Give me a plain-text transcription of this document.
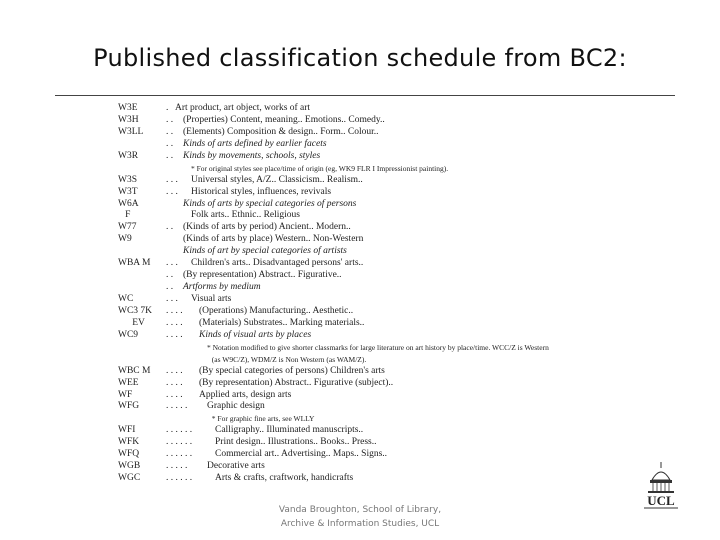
Published classification schedule from BC2:
W3E	. Art product, art object, works of art
W3H	. . (Properties) Content, meaning.. Emotions.. Comedy..
W3LL . . (Elements) Composition & design.. Form.. Colour..
. . Kinds of arts defined by earlier facets
W3R	. . Kinds by movements, schools, styles
* For original styles see place/time of origin (eg, WK9 FLR I Impressionist painting).
W3S	. . . Universal styles, A/Z.. Classicism.. Realism..
W3T	. . . Historical styles, influences, revivals
W6A	Kinds of arts by special categories of persons
F	Folk arts.. Ethnic.. Religious
W77	. . (Kinds of arts by period) Ancient.. Modern..
W9	(Kinds of arts by place) Western.. Non-Western
Kinds of art by special categories of artists
WBA M . . . Children's arts.. Disadvantaged persons' arts..
. . (By representation) Abstract.. Figurative..
. . Artforms by medium
WC	. . . Visual arts
WC3 7K . . . . (Operations) Manufacturing.. Aesthetic..
EV . . . . (Materials) Substrates.. Marking materials..
WC9	. . . . Kinds of visual arts by places
* Notation modified to give shorter classmarks for large literature on art history by place/time. WCC/Z is Western
(as W9C/Z), WDM/Z is Non Western (as WAM/Z).
WBC M . . . . (By special categories of persons) Children's arts
WEE	. . . . (By representation) Abstract.. Figurative (subject)..
WF	. . . . Applied arts, design arts
WFG	. . . . . Graphic design
* For graphic fine arts, see WLLY
WFI	. . . . . . Calligraphy.. Illuminated manuscripts..
WFK	. . . . . . Print design.. Illustrations.. Books.. Press..
WFQ	. . . . . . Commercial art.. Advertising.. Maps.. Signs..
WGB	. . . . . Decorative arts
WGC	. . . . . . Arts & crafts, craftwork, handicrafts
Vanda Broughton, School of Library,
Archive & Information Studies, UCL
UCL
